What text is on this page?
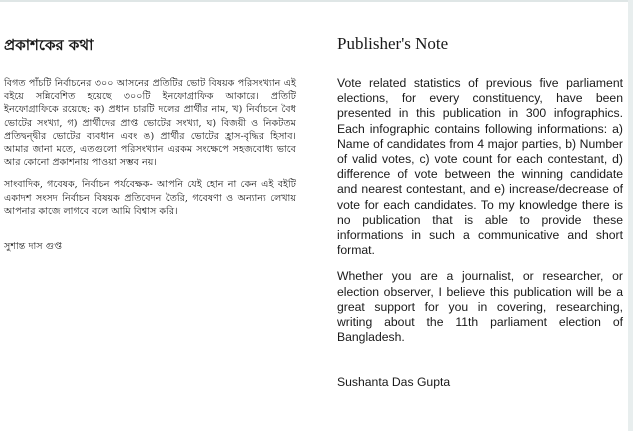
প্রকাশকের কথা

বিগত পাঁচটি নির্বাচনের ৩০০ আসনের প্রতিটির ভোট বিষয়ক পরিসংখ্যান এই বইয়ে সন্নিবেশিত হয়েছে ৩০০টি ইনফোগ্রাফিক আকারে। প্রতিটি ইনফোগ্রাফিকে রয়েছে: ক) প্রধান চারটি দলের প্রার্থীর নাম, খ) নির্বাচনে বৈধ ভোটের সংখ্যা, গ) প্রার্থীদের প্রাপ্ত ভোটের সংখ্যা, ঘ) বিজয়ী ও নিকটতম প্রতিদ্বন্দ্বীর ভোটের ব্যবধান এবং ঙ) প্রার্থীর ভোটের হ্রাস-বৃদ্ধির হিসাব। আমার জানা মতে, এতগুলো পরিসংখ্যান এরকম সংক্ষেপে সহজবোধ্য ভাবে আর কোনো প্রকাশনায় পাওয়া সম্ভব নয়।

সাংবাদিক, গবেষক, নির্বাচন পর্যবেক্ষক- আপনি যেই হোন না কেন এই বইটি একাদশ সংসদ নির্বাচন বিষয়ক প্রতিবেদন তৈরি, গবেষণা ও অন্যান্য লেখায় আপনার কাজে লাগবে বলে আমি বিশ্বাস করি।

সুশান্ত দাস গুপ্ত
Publisher's Note

Vote related statistics of previous five parliament elections, for every constituency, have been presented in this publication in 300 infographics. Each infographic contains following informations: a) Name of candidates from 4 major parties, b) Number of valid votes, c) vote count for each contestant, d) difference of vote between the winning candidate and nearest contestant, and e) increase/decrease of vote for each candidates. To my knowledge there is no publication that is able to provide these informations in such a communicative and short format.

Whether you are a journalist, or researcher, or election observer, I believe this publication will be a great support for you in covering, researching, writing about the 11th parliament election of Bangladesh.

Sushanta Das Gupta
